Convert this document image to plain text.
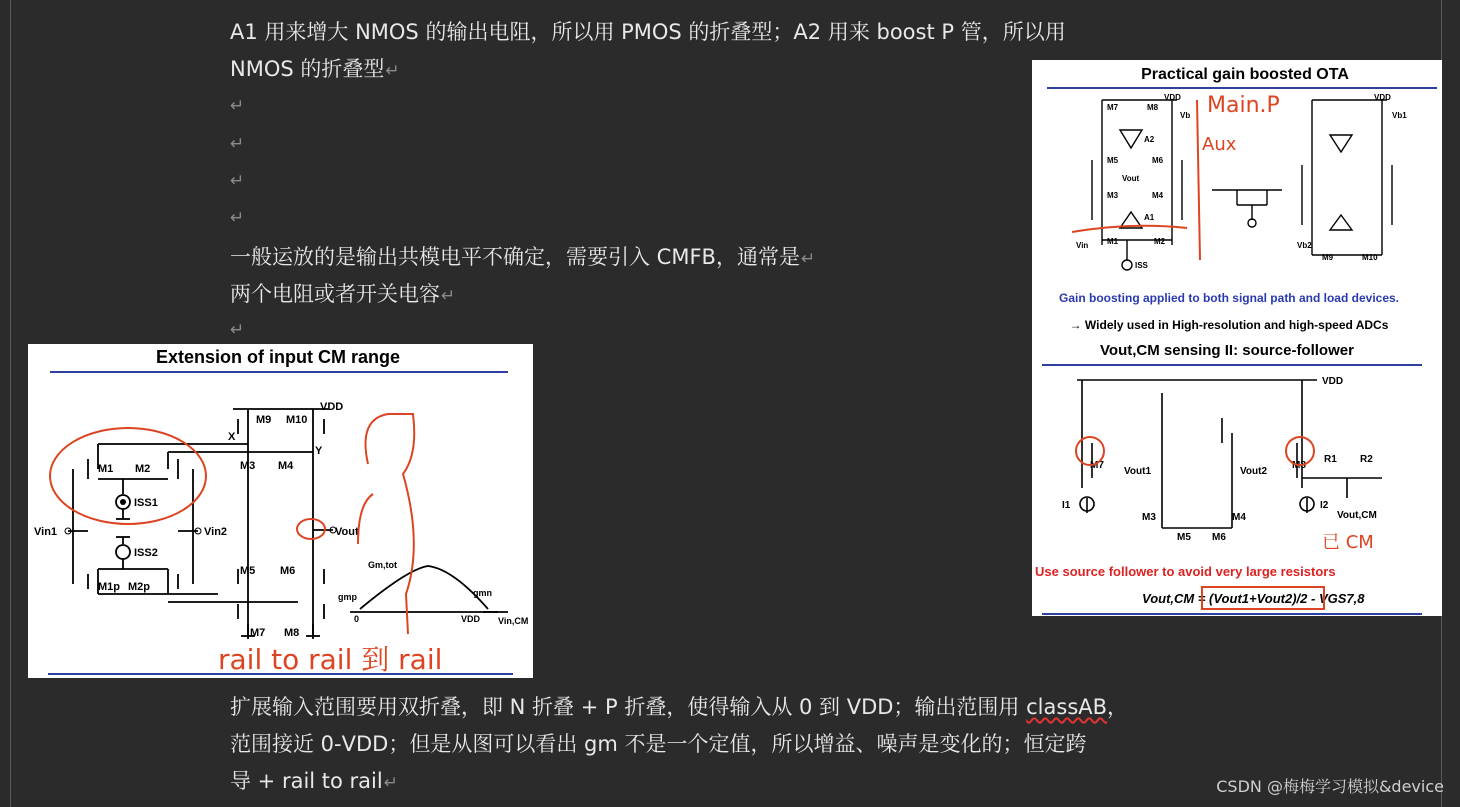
A1 用来增大 NMOS 的输出电阻，所以用 PMOS 的折叠型；A2 用来 boost P 管，所以用
NMOS 的折叠型↵
↵
↵
↵
↵
一般运放的是输出共模电平不确定，需要引入 CMFB，通常是↵
两个电阻或者开关电容↵
↵
Extension of input CM range
VDD
M9 M10
X
Y
M1 M2	M3 M4
ISS1
Vin1	Vin2	Vout
ISS2
M1p M2p
M5 M6
M7 M8
Gm,tot
gmp	gmn
0	VDD Vin,CM
rail to rail 到 rail
Practical gain boosted OTA
VDD
M7	M8
Vb
A2
M5	M6
Vout
M3	M4
A1
M1	M2
Vin
ISS
VDD
Vb1
Vb2
M9	M10
Main.P
Aux
Gain boosting applied to both signal path and load devices.
→ Widely used in High-resolution and high-speed ADCs
Vout,CM sensing II: source-follower
VDD
M7
Vout1	Vout2
M8
R1 R2
I1	I2
M3	M4
M5 M6
Vout,CM
已 CM
Use source follower to avoid very large resistors
Vout,CM = (Vout1+Vout2)/2 - VGS7,8
扩展输入范围要用双折叠，即 N 折叠 + P 折叠，使得输入从 0 到 VDD；输出范围用 classAB，
范围接近 0-VDD；但是从图可以看出 gm 不是一个定值，所以增益、噪声是变化的；恒定跨
导 + rail to rail↵	CSDN @梅梅学习模拟&device
